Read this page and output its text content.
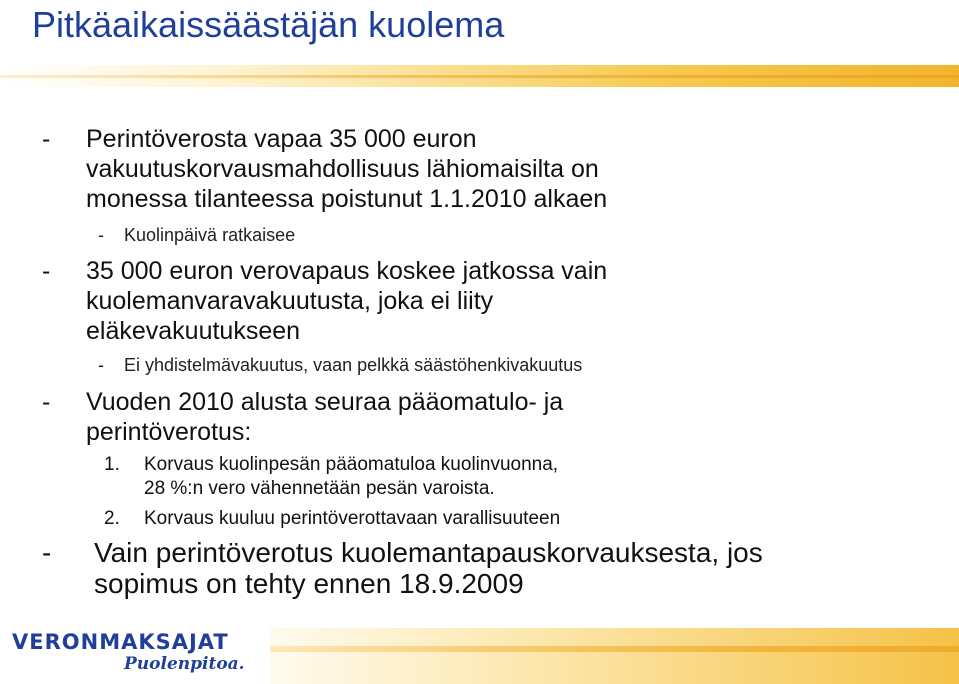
Pitkäaikaissäästäjän kuolema
- Perintöverosta vapaa 35 000 euron
vakuutuskorvausmahdollisuus lähiomaisilta on
monessa tilanteessa poistunut 1.1.2010 alkaen
- Kuolinpäivä ratkaisee
- 35 000 euron verovapaus koskee jatkossa vain
kuolemanvaravakuutusta, joka ei liity
eläkevakuutukseen
- Ei yhdistelmävakuutus, vaan pelkkä säästöhenkivakuutus
- Vuoden 2010 alusta seuraa pääomatulo- ja
perintöverotus:
1. Korvaus kuolinpesän pääomatuloa kuolinvuonna,
28 %:n vero vähennetään pesän varoista.
2. Korvaus kuuluu perintöverottavaan varallisuuteen
- Vain perintöverotus kuolemantapauskorvauksesta, jos
sopimus on tehty ennen 18.9.2009
VERONMAKSAJAT
Puolenpitoa.
